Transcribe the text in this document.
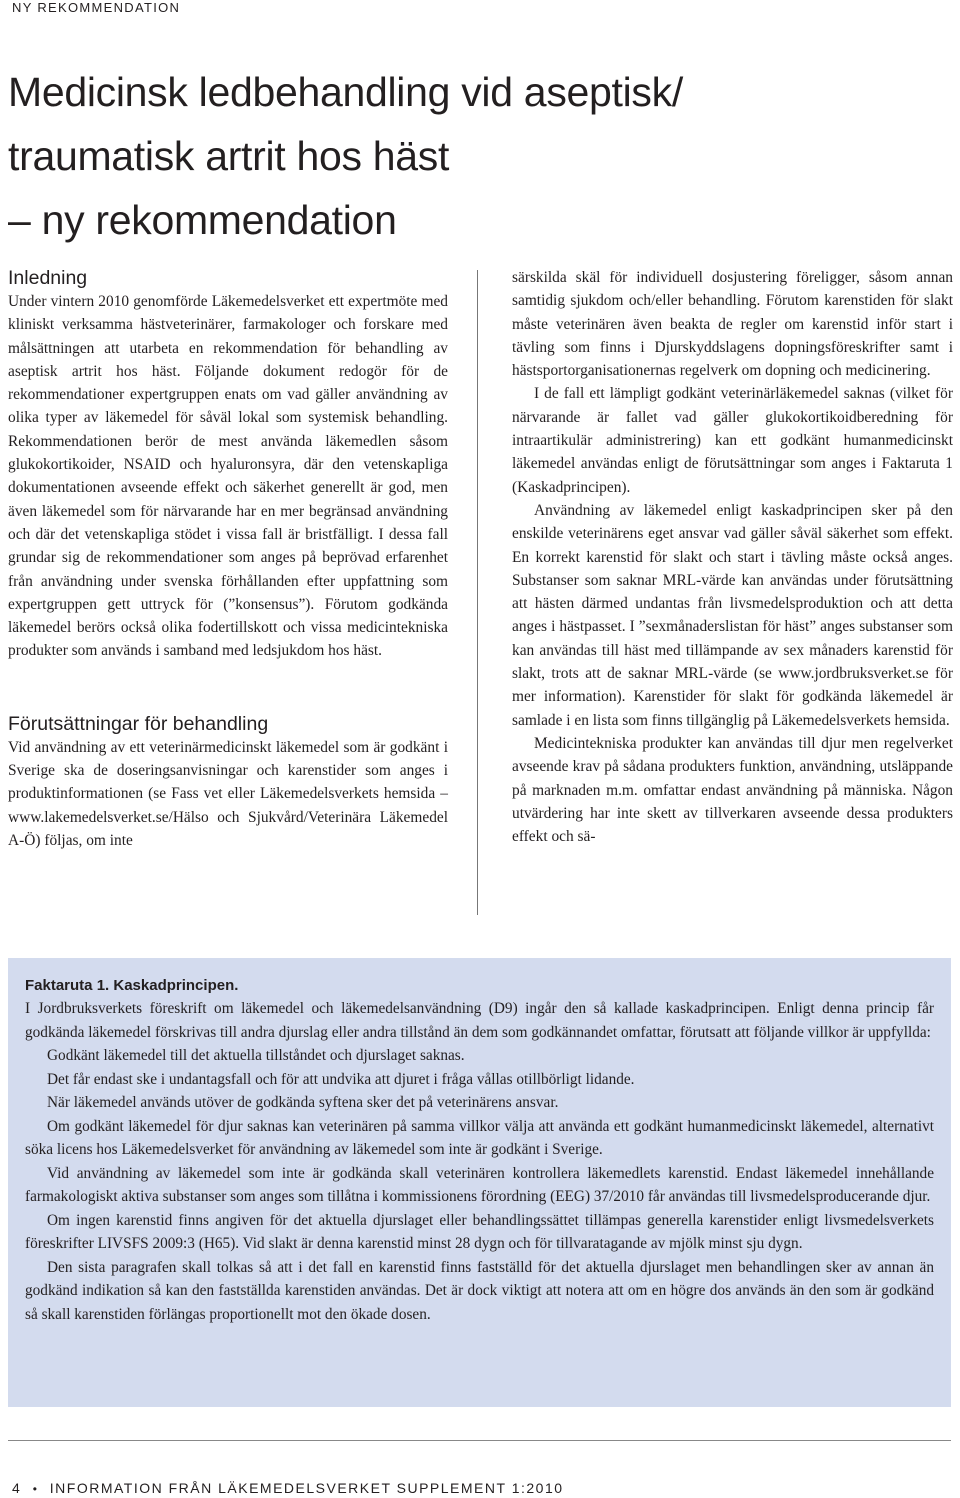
NY REKOMMENDATION
Medicinsk ledbehandling vid aseptisk/
traumatisk artrit hos häst
– ny rekommendation
Inledning

Under vintern 2010 genomförde Läkemedelsverket ett expertmöte med kliniskt verksamma hästveterinärer, farmakologer och forskare med målsättningen att utarbeta en rekommendation för behandling av aseptisk artrit hos häst. Följande dokument redogör för de rekommendationer expertgruppen enats om vad gäller användning av olika typer av läkemedel för såväl lokal som systemisk behandling. Rekommendationen berör de mest använda läkemedlen såsom glukokortikoider, NSAID och hyaluronsyra, där den vetenskapliga dokumentationen avseende effekt och säkerhet generellt är god, men även läkemedel som för närvarande har en mer begränsad användning och där det vetenskapliga stödet i vissa fall är bristfälligt. I dessa fall grundar sig de rekommendationer som anges på beprövad erfarenhet från användning under svenska förhållanden efter uppfattning som expertgruppen gett uttryck för (”konsensus”). Förutom godkända läkemedel berörs också olika fodertillskott och vissa medicintekniska produkter som används i samband med ledsjukdom hos häst.

Förutsättningar för behandling

Vid användning av ett veterinärmedicinskt läkemedel som är godkänt i Sverige ska de doseringsanvisningar och karenstider som anges i produktinformationen (se Fass vet eller Läkemedelsverkets hemsida – www.lakemedelsverket.se/Hälso och Sjukvård/Veterinära Läkemedel A-Ö) följas, om inte

särskilda skäl för individuell dosjustering föreligger, såsom annan samtidig sjukdom och/eller behandling. Förutom karenstiden för slakt måste veterinären även beakta de regler om karenstid inför start i tävling som finns i Djurskyddslagens dopningsföreskrifter samt i hästsportorganisationernas regelverk om dopning och medicinering.

I de fall ett lämpligt godkänt veterinärläkemedel saknas (vilket för närvarande är fallet vad gäller glukokortikoidberedning för intraartikulär administrering) kan ett godkänt humanmedicinskt läkemedel användas enligt de förutsättningar som anges i Faktaruta 1 (Kaskadprincipen).

Användning av läkemedel enligt kaskadprincipen sker på den enskilde veterinärens eget ansvar vad gäller såväl säkerhet som effekt. En korrekt karenstid för slakt och start i tävling måste också anges. Substanser som saknar MRL-värde kan användas under förutsättning att hästen därmed undantas från livsmedelsproduktion och att detta anges i hästpasset. I ”sexmånaderslistan för häst” anges substanser som kan användas till häst med tillämpande av sex månaders karenstid för slakt, trots att de saknar MRL-värde (se www.jordbruksverket.se för mer information). Karenstider för slakt för godkända läkemedel är samlade i en lista som finns tillgänglig på Läkemedelsverkets hemsida.

Medicintekniska produkter kan användas till djur men regelverket avseende krav på sådana produkters funktion, användning, utsläppande på marknaden m.m. omfattar endast användning på människa. Någon utvärdering har inte skett av tillverkaren avseende dessa produkters effekt och sä-

Faktaruta 1. Kaskadprincipen.

I Jordbruksverkets föreskrift om läkemedel och läkemedelsanvändning (D9) ingår den så kallade kaskadprincipen. Enligt denna princip får godkända läkemedel förskrivas till andra djurslag eller andra tillstånd än dem som godkännandet omfattar, förutsatt att följande villkor är uppfyllda:

Godkänt läkemedel till det aktuella tillståndet och djurslaget saknas.

Det får endast ske i undantagsfall och för att undvika att djuret i fråga vållas otillbörligt lidande.

När läkemedel används utöver de godkända syftena sker det på veterinärens ansvar.

Om godkänt läkemedel för djur saknas kan veterinären på samma villkor välja att använda ett godkänt humanmedicinskt läkemedel, alternativt söka licens hos Läkemedelsverket för användning av läkemedel som inte är godkänt i Sverige.

Vid användning av läkemedel som inte är godkända skall veterinären kontrollera läkemedlets karenstid. Endast läkemedel innehållande farmakologiskt aktiva substanser som anges som tillåtna i kommissionens förordning (EEG) 37/2010 får användas till livsmedelsproducerande djur.

Om ingen karenstid finns angiven för det aktuella djurslaget eller behandlingssättet tillämpas generella karenstider enligt livsmedelsverkets föreskrifter LIVSFS 2009:3 (H65). Vid slakt är denna karenstid minst 28 dygn och för tillvaratagande av mjölk minst sju dygn.

Den sista paragrafen skall tolkas så att i det fall en karenstid finns fastställd för det aktuella djurslaget men behandlingen sker av annan än godkänd indikation så kan den fastställda karenstiden användas. Det är dock viktigt att notera att om en högre dos används än den som är godkänd så skall karenstiden förlängas proportionellt mot den ökade dosen.

4 • INFORMATION FRÅN LÄKEMEDELSVERKET SUPPLEMENT 1:2010
